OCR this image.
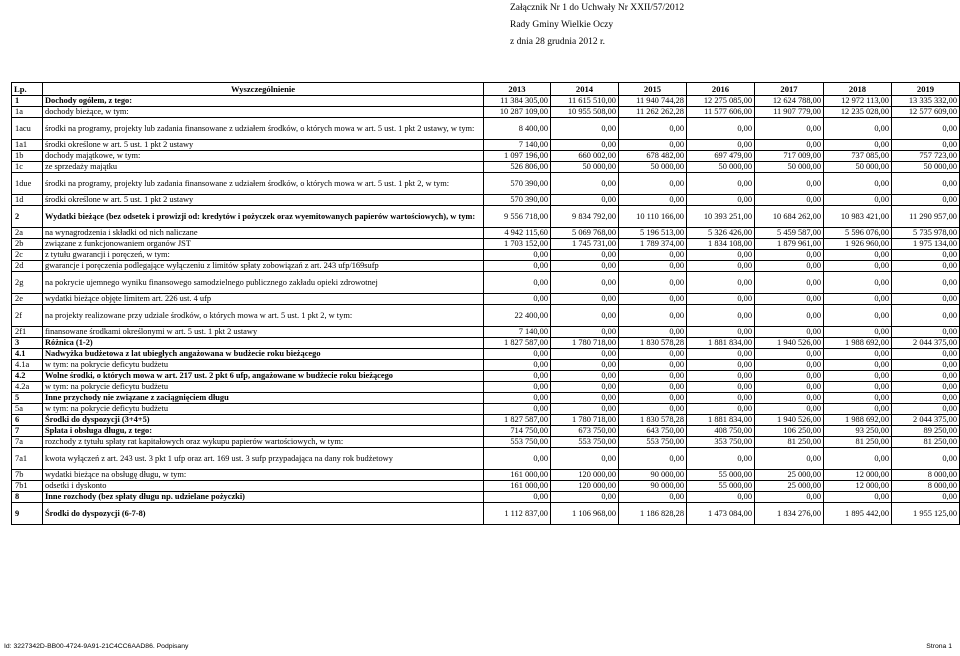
Załącznik Nr 1 do Uchwały Nr XXII/57/2012
Rady Gminy Wielkie Oczy
z dnia 28 grudnia 2012 r.
Lp.	Wyszczególnienie	2013	2014	2015	2016	2017	2018	2019
1	Dochody ogółem, z tego:	11 384 305,00	11 615 510,00	11 940 744,28	12 275 085,00	12 624 788,00	12 972 113,00	13 335 332,00
1a	dochody bieżące, w tym:	10 287 109,00	10 955 508,00	11 262 262,28	11 577 606,00	11 907 779,00	12 235 028,00	12 577 609,00
1acu	środki na programy, projekty lub zadania finansowane z udziałem środków, o których mowa w art. 5 ust. 1 pkt 2 ustawy, w tym:	8 400,00	0,00	0,00	0,00	0,00	0,00	0,00
1a1	środki określone w art. 5 ust. 1 pkt 2 ustawy	7 140,00	0,00	0,00	0,00	0,00	0,00	0,00
1b	dochody majątkowe, w tym:	1 097 196,00	660 002,00	678 482,00	697 479,00	717 009,00	737 085,00	757 723,00
1c	ze sprzedaży majątku	526 806,00	50 000,00	50 000,00	50 000,00	50 000,00	50 000,00	50 000,00
1due	środki na programy, projekty lub zadania finansowane z udziałem środków, o których mowa w art. 5 ust. 1 pkt 2, w tym:	570 390,00	0,00	0,00	0,00	0,00	0,00	0,00
1d	środki określone w art. 5 ust. 1 pkt 2 ustawy	570 390,00	0,00	0,00	0,00	0,00	0,00	0,00
2	Wydatki bieżące (bez odsetek i prowizji od: kredytów i pożyczek oraz wyemitowanych papierów wartościowych), w tym:	9 556 718,00	9 834 792,00	10 110 166,00	10 393 251,00	10 684 262,00	10 983 421,00	11 290 957,00
2a	na wynagrodzenia i składki od nich naliczane	4 942 115,60	5 069 768,00	5 196 513,00	5 326 426,00	5 459 587,00	5 596 076,00	5 735 978,00
2b	związane z funkcjonowaniem organów JST	1 703 152,00	1 745 731,00	1 789 374,00	1 834 108,00	1 879 961,00	1 926 960,00	1 975 134,00
2c	z tytułu gwarancji i poręczeń, w tym:	0,00	0,00	0,00	0,00	0,00	0,00	0,00
2d	gwarancje i poręczenia podlegające wyłączeniu z limitów spłaty zobowiązań z art. 243 ufp/169sufp	0,00	0,00	0,00	0,00	0,00	0,00	0,00
2g	na pokrycie ujemnego wyniku finansowego samodzielnego publicznego zakładu opieki zdrowotnej	0,00	0,00	0,00	0,00	0,00	0,00	0,00
2e	wydatki bieżące objęte limitem art. 226 ust. 4 ufp	0,00	0,00	0,00	0,00	0,00	0,00	0,00
2f	na projekty realizowane przy udziale środków, o których mowa w art. 5 ust. 1 pkt 2, w tym:	22 400,00	0,00	0,00	0,00	0,00	0,00	0,00
2f1	finansowane środkami określonymi w art. 5 ust. 1 pkt 2 ustawy	7 140,00	0,00	0,00	0,00	0,00	0,00	0,00
3	Różnica (1-2)	1 827 587,00	1 780 718,00	1 830 578,28	1 881 834,00	1 940 526,00	1 988 692,00	2 044 375,00
4.1	Nadwyżka budżetowa z lat ubiegłych angażowana w budżecie roku bieżącego	0,00	0,00	0,00	0,00	0,00	0,00	0,00
4.1a	w tym: na pokrycie deficytu budżetu	0,00	0,00	0,00	0,00	0,00	0,00	0,00
4.2	Wolne środki, o których mowa w art. 217 ust. 2 pkt 6 ufp, angażowane w budżecie roku bieżącego	0,00	0,00	0,00	0,00	0,00	0,00	0,00
4.2a	w tym: na pokrycie deficytu budżetu	0,00	0,00	0,00	0,00	0,00	0,00	0,00
5	Inne przychody nie związane z zaciągnięciem długu	0,00	0,00	0,00	0,00	0,00	0,00	0,00
5a	w tym: na pokrycie deficytu budżetu	0,00	0,00	0,00	0,00	0,00	0,00	0,00
6	Środki do dyspozycji (3+4+5)	1 827 587,00	1 780 718,00	1 830 578,28	1 881 834,00	1 940 526,00	1 988 692,00	2 044 375,00
7	Spłata i obsługa długu, z tego:	714 750,00	673 750,00	643 750,00	408 750,00	106 250,00	93 250,00	89 250,00
7a	rozchody z tytułu spłaty rat kapitałowych oraz wykupu papierów wartościowych, w tym:	553 750,00	553 750,00	553 750,00	353 750,00	81 250,00	81 250,00	81 250,00
7a1	kwota wyłączeń z art. 243 ust. 3 pkt 1 ufp oraz art. 169 ust. 3 sufp przypadająca na dany rok budżetowy	0,00	0,00	0,00	0,00	0,00	0,00	0,00
7b	wydatki bieżące na obsługę długu, w tym:	161 000,00	120 000,00	90 000,00	55 000,00	25 000,00	12 000,00	8 000,00
7b1	odsetki i dyskonto	161 000,00	120 000,00	90 000,00	55 000,00	25 000,00	12 000,00	8 000,00
8	Inne rozchody (bez spłaty długu np. udzielane pożyczki)	0,00	0,00	0,00	0,00	0,00	0,00	0,00
9	Środki do dyspozycji (6-7-8)	1 112 837,00	1 106 968,00	1 186 828,28	1 473 084,00	1 834 276,00	1 895 442,00	1 955 125,00
Id: 3227342D-BB00-4724-9A91-21C4CC6AAD86. Podpisany	Strona 1
